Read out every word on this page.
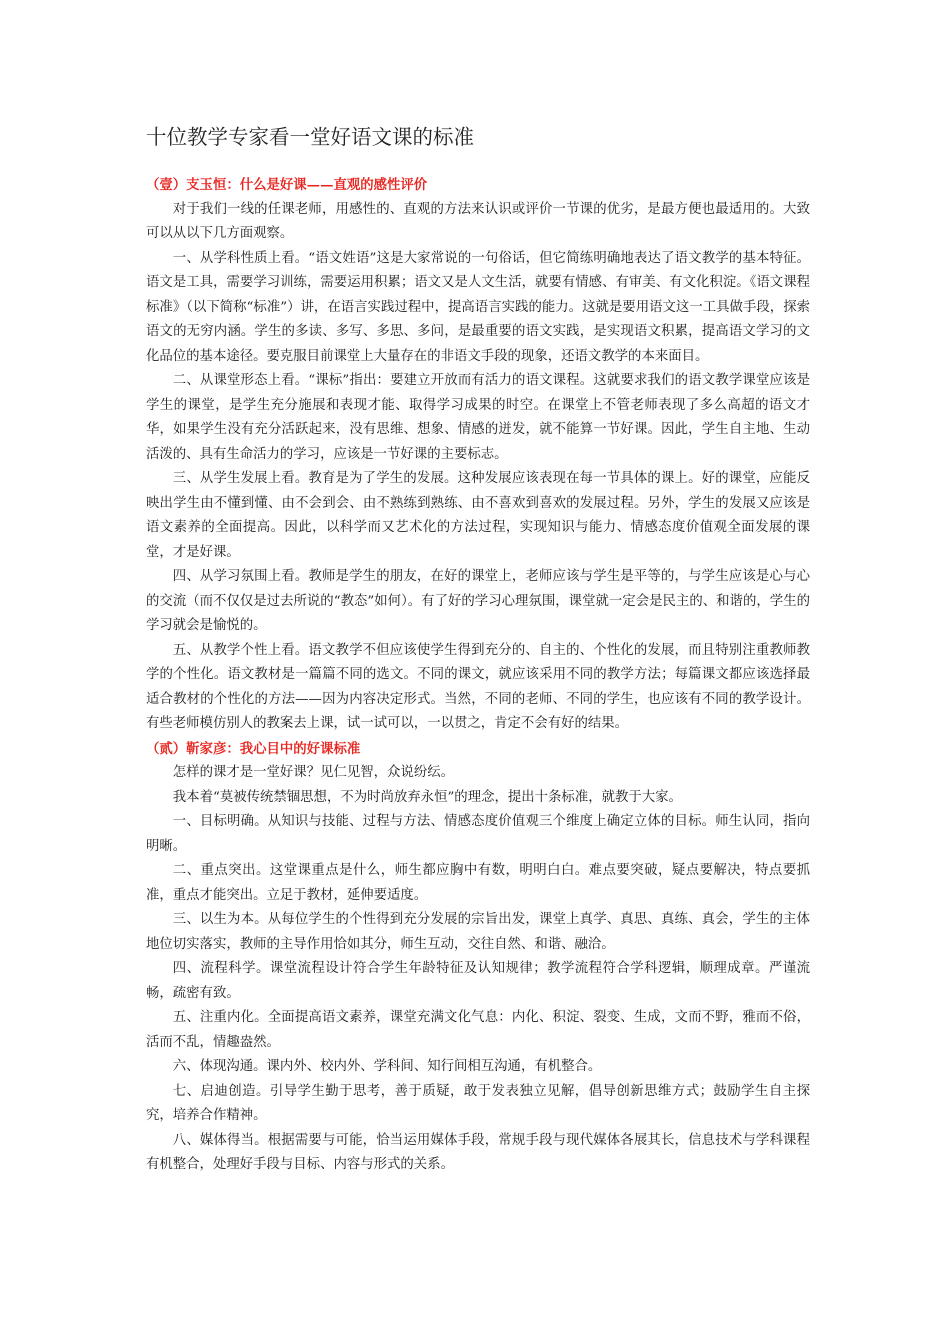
十位教学专家看一堂好语文课的标准
（壹）支玉恒：什么是好课——直观的感性评价

对于我们一线的任课老师，用感性的、直观的方法来认识或评价一节课的优劣，是最方便也最适用的。大致可以从以下几方面观察。

一、从学科性质上看。“语文姓语”这是大家常说的一句俗话，但它简练明确地表达了语文教学的基本特征。语文是工具，需要学习训练，需要运用积累；语文又是人文生活，就要有情感、有审美、有文化积淀。《语文课程标准》（以下简称“标准”）讲，在语言实践过程中，提高语言实践的能力。这就是要用语文这一工具做手段，探索语文的无穷内涵。学生的多读、多写、多思、多问，是最重要的语文实践，是实现语文积累，提高语文学习的文化品位的基本途径。要克服目前课堂上大量存在的非语文手段的现象，还语文教学的本来面目。

二、从课堂形态上看。“课标”指出：要建立开放而有活力的语文课程。这就要求我们的语文教学课堂应该是学生的课堂，是学生充分施展和表现才能、取得学习成果的时空。在课堂上不管老师表现了多么高超的语文才华，如果学生没有充分活跃起来，没有思维、想象、情感的迸发，就不能算一节好课。因此，学生自主地、生动活泼的、具有生命活力的学习，应该是一节好课的主要标志。

三、从学生发展上看。教育是为了学生的发展。这种发展应该表现在每一节具体的课上。好的课堂，应能反映出学生由不懂到懂、由不会到会、由不熟练到熟练、由不喜欢到喜欢的发展过程。另外，学生的发展又应该是语文素养的全面提高。因此，以科学而又艺术化的方法过程，实现知识与能力、情感态度价值观全面发展的课堂，才是好课。

四、从学习氛围上看。教师是学生的朋友，在好的课堂上，老师应该与学生是平等的，与学生应该是心与心的交流（而不仅仅是过去所说的“教态”如何）。有了好的学习心理氛围，课堂就一定会是民主的、和谐的，学生的学习就会是愉悦的。

五、从教学个性上看。语文教学不但应该使学生得到充分的、自主的、个性化的发展，而且特别注重教师教学的个性化。语文教材是一篇篇不同的选文。不同的课文，就应该采用不同的教学方法；每篇课文都应该选择最适合教材的个性化的方法——因为内容决定形式。当然，不同的老师、不同的学生，也应该有不同的教学设计。有些老师模仿别人的教案去上课，试一试可以，一以贯之，肯定不会有好的结果。

（贰）靳家彦：我心目中的好课标准

怎样的课才是一堂好课？见仁见智，众说纷纭。

我本着“莫被传统禁锢思想，不为时尚放弃永恒”的理念，提出十条标准，就教于大家。

一、目标明确。从知识与技能、过程与方法、情感态度价值观三个维度上确定立体的目标。师生认同，指向明晰。

二、重点突出。这堂课重点是什么，师生都应胸中有数，明明白白。难点要突破，疑点要解决，特点要抓准，重点才能突出。立足于教材，延伸要适度。

三、以生为本。从每位学生的个性得到充分发展的宗旨出发，课堂上真学、真思、真练、真会，学生的主体地位切实落实，教师的主导作用恰如其分，师生互动，交往自然、和谐、融洽。

四、流程科学。课堂流程设计符合学生年龄特征及认知规律；教学流程符合学科逻辑，顺理成章。严谨流畅，疏密有致。

五、注重内化。全面提高语文素养，课堂充满文化气息：内化、积淀、裂变、生成，文而不野，雅而不俗，活而不乱，情趣盎然。

六、体现沟通。课内外、校内外、学科间、知行间相互沟通，有机整合。

七、启迪创造。引导学生勤于思考，善于质疑，敢于发表独立见解，倡导创新思维方式；鼓励学生自主探究，培养合作精神。

八、媒体得当。根据需要与可能，恰当运用媒体手段，常规手段与现代媒体各展其长，信息技术与学科课程有机整合，处理好手段与目标、内容与形式的关系。
